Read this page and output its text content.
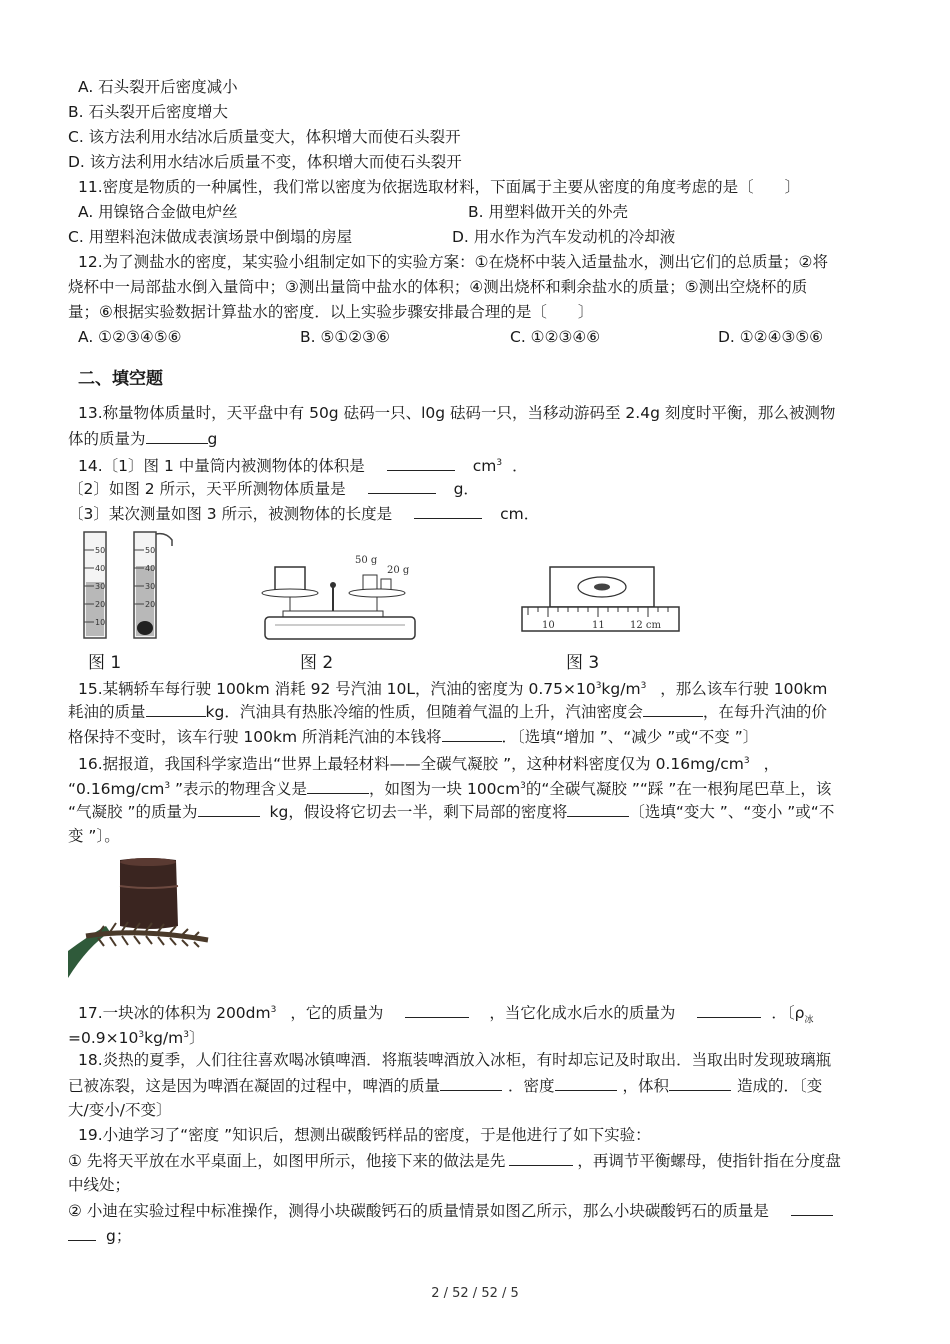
A. 石头裂开后密度减小
B. 石头裂开后密度增大
C. 该方法利用水结冰后质量变大，体积增大而使石头裂开
D. 该方法利用水结冰后质量不变，体积增大而使石头裂开
11.密度是物质的一种属性，我们常以密度为依据选取材料，下面属于主要从密度的角度考虑的是〔　　〕
A. 用镍铬合金做电炉丝	B. 用塑料做开关的外壳
C. 用塑料泡沫做成表演场景中倒塌的房屋	D. 用水作为汽车发动机的冷却液
12.为了测盐水的密度，某实验小组制定如下的实验方案：①在烧杯中装入适量盐水，测出它们的总质量；②将
烧杯中一局部盐水倒入量筒中；③测出量筒中盐水的体积；④测出烧杯和剩余盐水的质量；⑤测出空烧杯的质
量；⑥根据实验数据计算盐水的密度．以上实验步骤安排最合理的是〔　　〕
A. ①②③④⑤⑥	B. ⑤①②③⑥	C. ①②③④⑥	D. ①②④③⑤⑥
二、填空题
13.称量物体质量时，天平盘中有 50g 砝码一只、l0g 砝码一只，当移动游码至 2.4g 刻度时平衡，那么被测物
体的质量为	g
14.〔1〕图 1 中量筒内被测物体的体积是	$cm^3$ ．
〔2〕如图 2 所示，天平所测物体质量是	g．
〔3〕某次测量如图 3 所示，被测物体的长度是	cm．
50
40
30
20
10
50
40
30
20
图 1
50 g
20 g
图 2
10	11	12 cm
图 3
15.某辆轿车每行驶 100km 消耗 92 号汽油 10L，汽油的密度为 $0.75\times 10^3kg/m^3$ ，那么该车行驶 100km
耗油的质量	kg．汽油具有热胀冷缩的性质，但随着气温的上升，汽油密度会	，在每升汽油的价
格保持不变时，该车行驶 100km 所消耗汽油的本钱将	．〔选填“增加 ”、“减少 ”或“不变 ”〕
16.据报道，我国科学家造出“世界上最轻材料——全碳气凝胶 ”，这种材料密度仅为 $0.16mg/cm^3$ ，
“$0.16mg/cm^3$ ”表示的物理含义是	，如图为一块 $100cm^3$的“全碳气凝胶 ”“踩 ”在一根狗尾巴草上，该
“气凝胶 ”的质量为	kg，假设将它切去一半，剩下局部的密度将	〔选填“变大 ”、“变小 ”或“不
变 ”〕。
17.一块冰的体积为 $200dm^3$ ，它的质量为	，当它化成水后水的质量为	．〔$\rho_冰$
$=0.9\times 10^3kg/m^3$〕
18.炎热的夏季，人们往往喜欢喝冰镇啤酒．将瓶装啤酒放入冰柜，有时却忘记及时取出．当取出时发现玻璃瓶
已被冻裂，这是因为啤酒在凝固的过程中，啤酒的质量	．密度	，体积	造成的．〔变
大/变小/不变〕
19.小迪学习了“密度 ”知识后，想测出碳酸钙样品的密度，于是他进行了如下实验：
① 先将天平放在水平桌面上，如图甲所示，他接下来的做法是先	，再调节平衡螺母，使指针指在分度盘
中线处；
② 小迪在实验过程中标准操作，测得小块碳酸钙石的质量情景如图乙所示，那么小块碳酸钙石的质量是
g；
2 / 52 / 52 / 5
